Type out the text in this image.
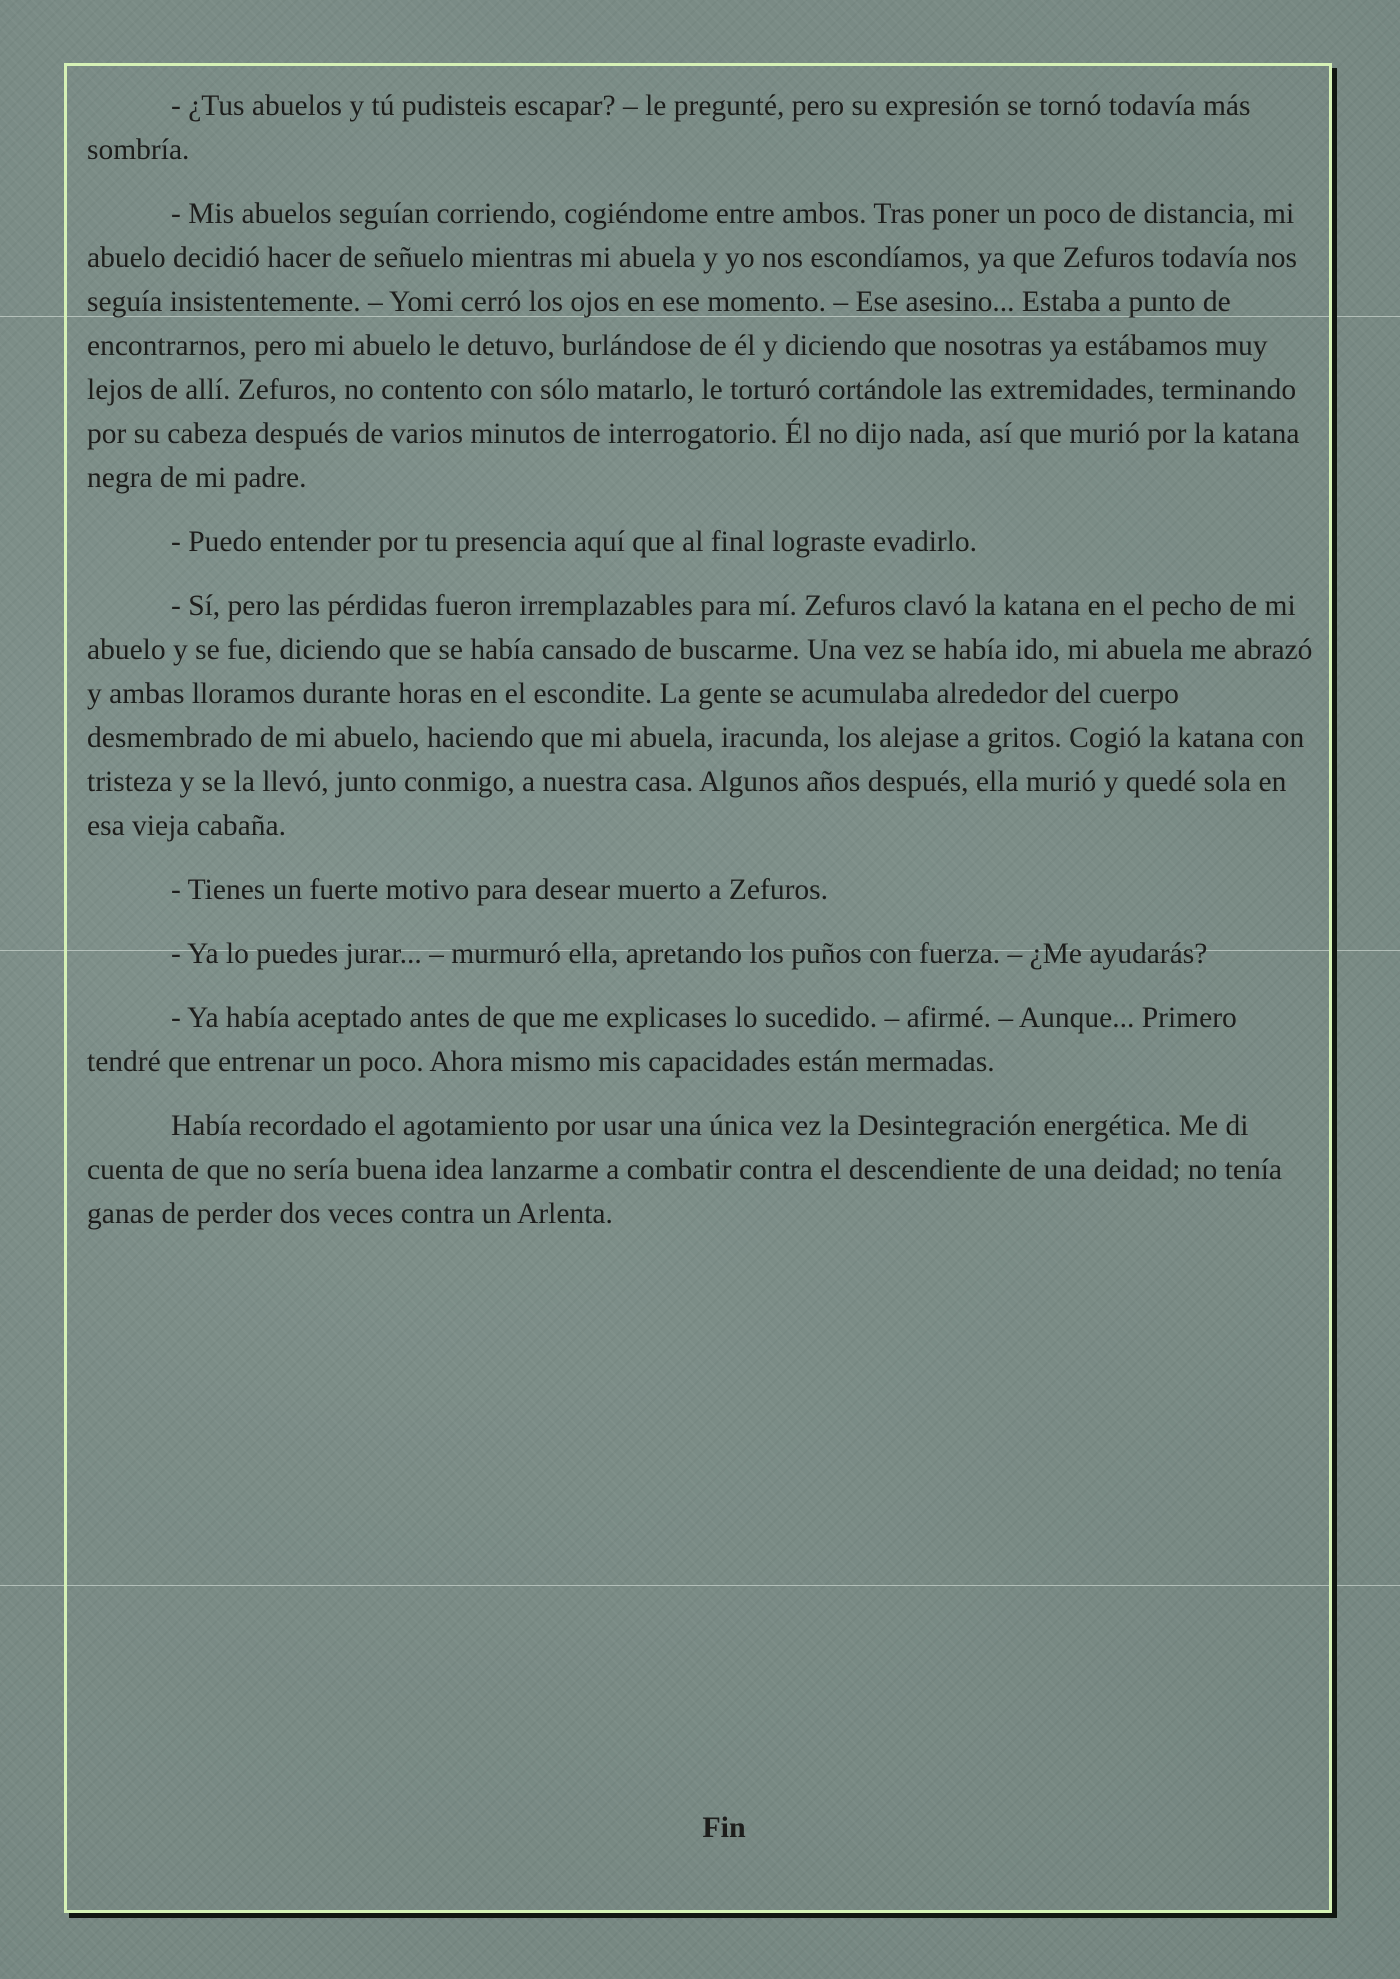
- ¿Tus abuelos y tú pudisteis escapar? – le pregunté, pero su expresión se tornó todavía más sombría.

- Mis abuelos seguían corriendo, cogiéndome entre ambos. Tras poner un poco de distancia, mi abuelo decidió hacer de señuelo mientras mi abuela y yo nos escondíamos, ya que Zefuros todavía nos seguía insistentemente. – Yomi cerró los ojos en ese momento. – Ese asesino... Estaba a punto de encontrarnos, pero mi abuelo le detuvo, burlándose de él y diciendo que nosotras ya estábamos muy lejos de allí. Zefuros, no contento con sólo matarlo, le torturó cortándole las extremidades, terminando por su cabeza después de varios minutos de interrogatorio. Él no dijo nada, así que murió por la katana negra de mi padre.

- Puedo entender por tu presencia aquí que al final lograste evadirlo.

- Sí, pero las pérdidas fueron irremplazables para mí. Zefuros clavó la katana en el pecho de mi abuelo y se fue, diciendo que se había cansado de buscarme. Una vez se había ido, mi abuela me abrazó y ambas lloramos durante horas en el escondite. La gente se acumulaba alrededor del cuerpo desmembrado de mi abuelo, haciendo que mi abuela, iracunda, los alejase a gritos. Cogió la katana con tristeza y se la llevó, junto conmigo, a nuestra casa. Algunos años después, ella murió y quedé sola en esa vieja cabaña.

- Tienes un fuerte motivo para desear muerto a Zefuros.

- Ya lo puedes jurar... – murmuró ella, apretando los puños con fuerza. – ¿Me ayudarás?

- Ya había aceptado antes de que me explicases lo sucedido. – afirmé. – Aunque... Primero tendré que entrenar un poco. Ahora mismo mis capacidades están mermadas.

Había recordado el agotamiento por usar una única vez la Desintegración energética. Me di cuenta de que no sería buena idea lanzarme a combatir contra el descendiente de una deidad; no tenía ganas de perder dos veces contra un Arlenta.

Fin
